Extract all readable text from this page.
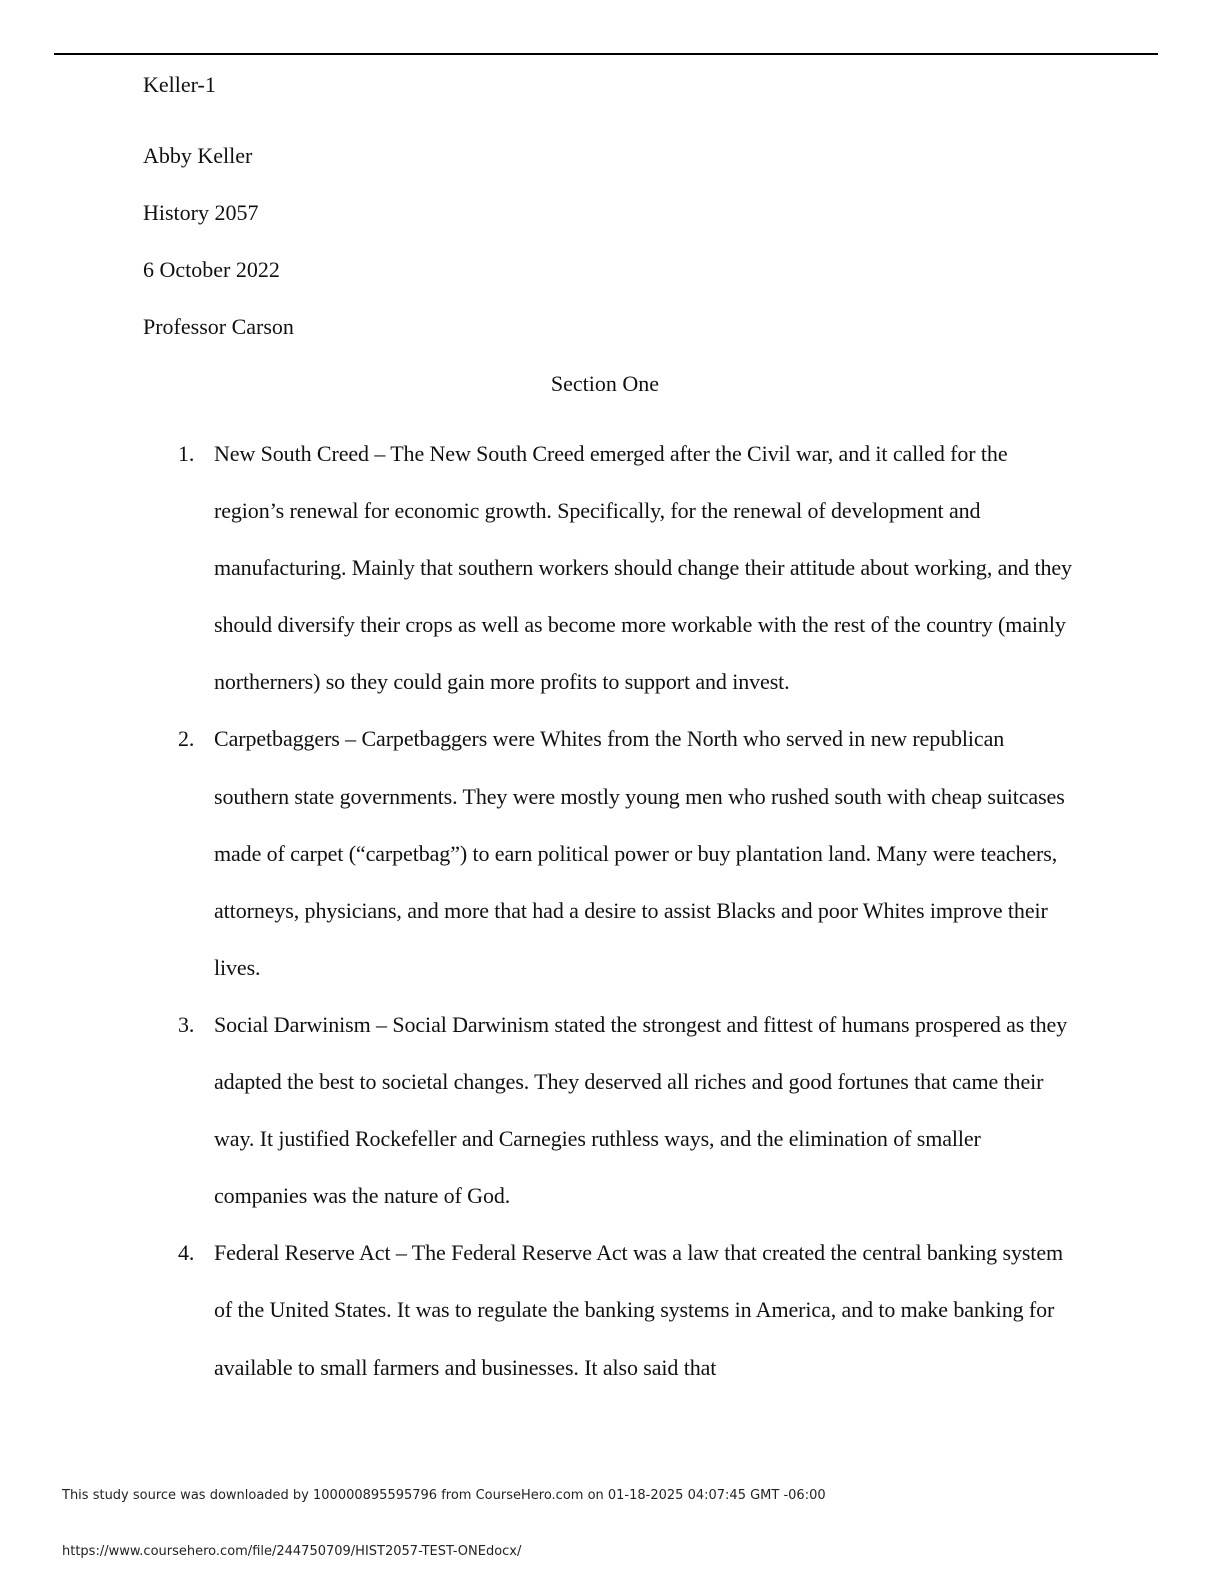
Keller-1
Abby Keller
History 2057
6 October 2022
Professor Carson
Section One
1. New South Creed – The New South Creed emerged after the Civil war, and it called for the region’s renewal for economic growth. Specifically, for the renewal of development and manufacturing. Mainly that southern workers should change their attitude about working, and they should diversify their crops as well as become more workable with the rest of the country (mainly northerners) so they could gain more profits to support and invest.
2. Carpetbaggers – Carpetbaggers were Whites from the North who served in new republican southern state governments. They were mostly young men who rushed south with cheap suitcases made of carpet (“carpetbag”) to earn political power or buy plantation land. Many were teachers, attorneys, physicians, and more that had a desire to assist Blacks and poor Whites improve their lives.
3. Social Darwinism – Social Darwinism stated the strongest and fittest of humans prospered as they adapted the best to societal changes. They deserved all riches and good fortunes that came their way. It justified Rockefeller and Carnegies ruthless ways, and the elimination of smaller companies was the nature of God.
4. Federal Reserve Act – The Federal Reserve Act was a law that created the central banking system of the United States. It was to regulate the banking systems in America, and to make banking for available to small farmers and businesses. It also said that
This study source was downloaded by 100000895595796 from CourseHero.com on 01-18-2025 04:07:45 GMT -06:00
https://www.coursehero.com/file/244750709/HIST2057-TEST-ONEdocx/
